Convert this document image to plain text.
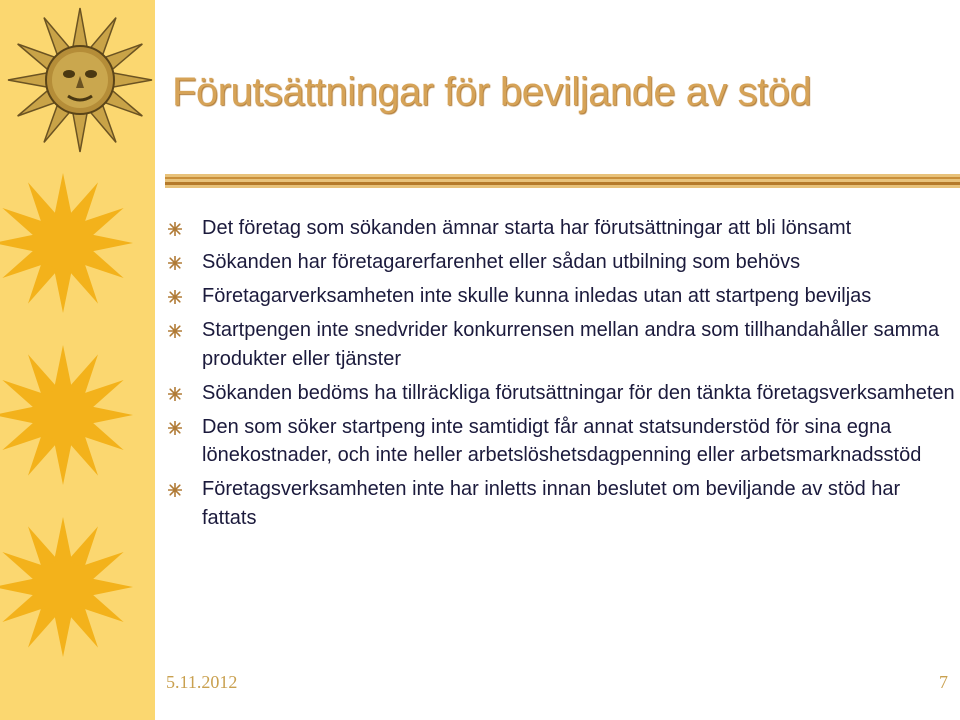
Förutsättningar för beviljande av stöd
Det företag som sökanden ämnar starta har förutsättningar att bli lönsamt
Sökanden har företagarerfarenhet eller sådan utbilning som behövs
Företagarverksamheten inte skulle kunna inledas utan att startpeng beviljas
Startpengen inte snedvrider konkurrensen mellan andra som tillhandahåller samma produkter eller tjänster
Sökanden bedöms ha tillräckliga förutsättningar för den tänkta företagsverksamheten
Den som söker startpeng inte samtidigt får annat statsunderstöd för sina egna lönekostnader, och inte heller arbetslöshetsdagpenning eller arbetsmarknadsstöd
Företagsverksamheten inte har inletts innan beslutet om beviljande av stöd har fattats
5.11.2012	7
